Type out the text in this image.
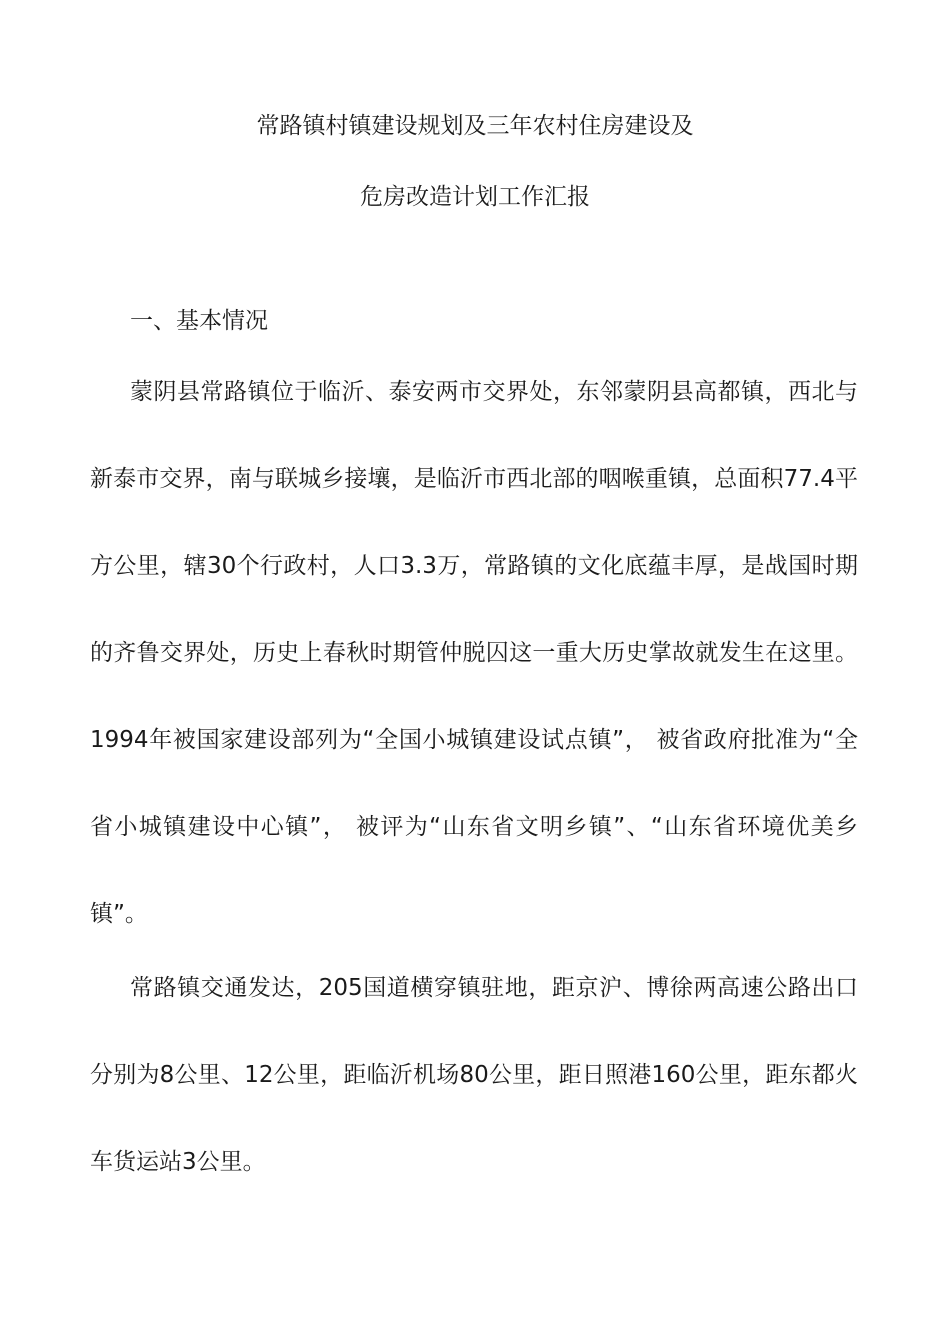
常路镇村镇建设规划及三年农村住房建设及
危房改造计划工作汇报
一、基本情况

蒙阴县常路镇位于临沂、泰安两市交界处，东邻蒙阴县高都镇，西北与新泰市交界，南与联城乡接壤，是临沂市西北部的咽喉重镇，总面积77.4平方公里，辖30个行政村，人口3.3万，常路镇的文化底蕴丰厚，是战国时期的齐鲁交界处，历史上春秋时期管仲脱囚这一重大历史掌故就发生在这里。1994年被国家建设部列为“全国小城镇建设试点镇”， 被省政府批准为“全省小城镇建设中心镇”， 被评为“山东省文明乡镇”、“山东省环境优美乡镇”。

常路镇交通发达，205国道横穿镇驻地，距京沪、博徐两高速公路出口分别为8公里、12公里，距临沂机场80公里，距日照港160公里，距东都火车货运站3公里。
